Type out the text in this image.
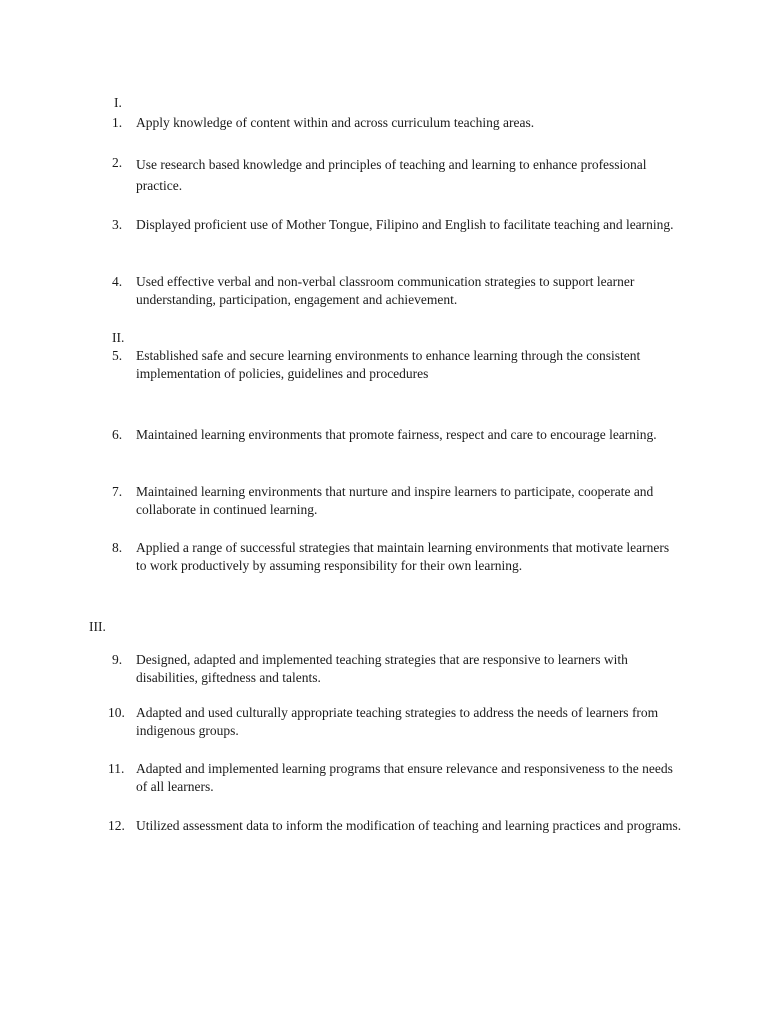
I.
1.	Apply knowledge of content within and across curriculum teaching areas.
2.	Use research based knowledge and principles of teaching and learning to enhance professional practice.
3.	Displayed proficient use of Mother Tongue, Filipino and English to facilitate teaching and learning.
4.	Used effective verbal and non-verbal classroom communication strategies to support learner understanding, participation, engagement and achievement.
II.
5.	Established safe and secure learning environments to enhance learning through the consistent implementation of policies, guidelines and procedures
6.	Maintained learning environments that promote fairness, respect and care to encourage learning.
7.	Maintained learning environments that nurture and inspire learners to participate, cooperate and collaborate in continued learning.
8.	Applied a range of successful strategies that maintain learning environments that motivate learners to work productively by assuming responsibility for their own learning.
III.
9.	Designed, adapted and implemented teaching strategies that are responsive to learners with disabilities, giftedness and talents.
10. Adapted and used culturally appropriate teaching strategies to address the needs of learners from indigenous groups.
11. Adapted and implemented learning programs that ensure relevance and responsiveness to the needs of all learners.
12. Utilized assessment data to inform the modification of teaching and learning practices and programs.
